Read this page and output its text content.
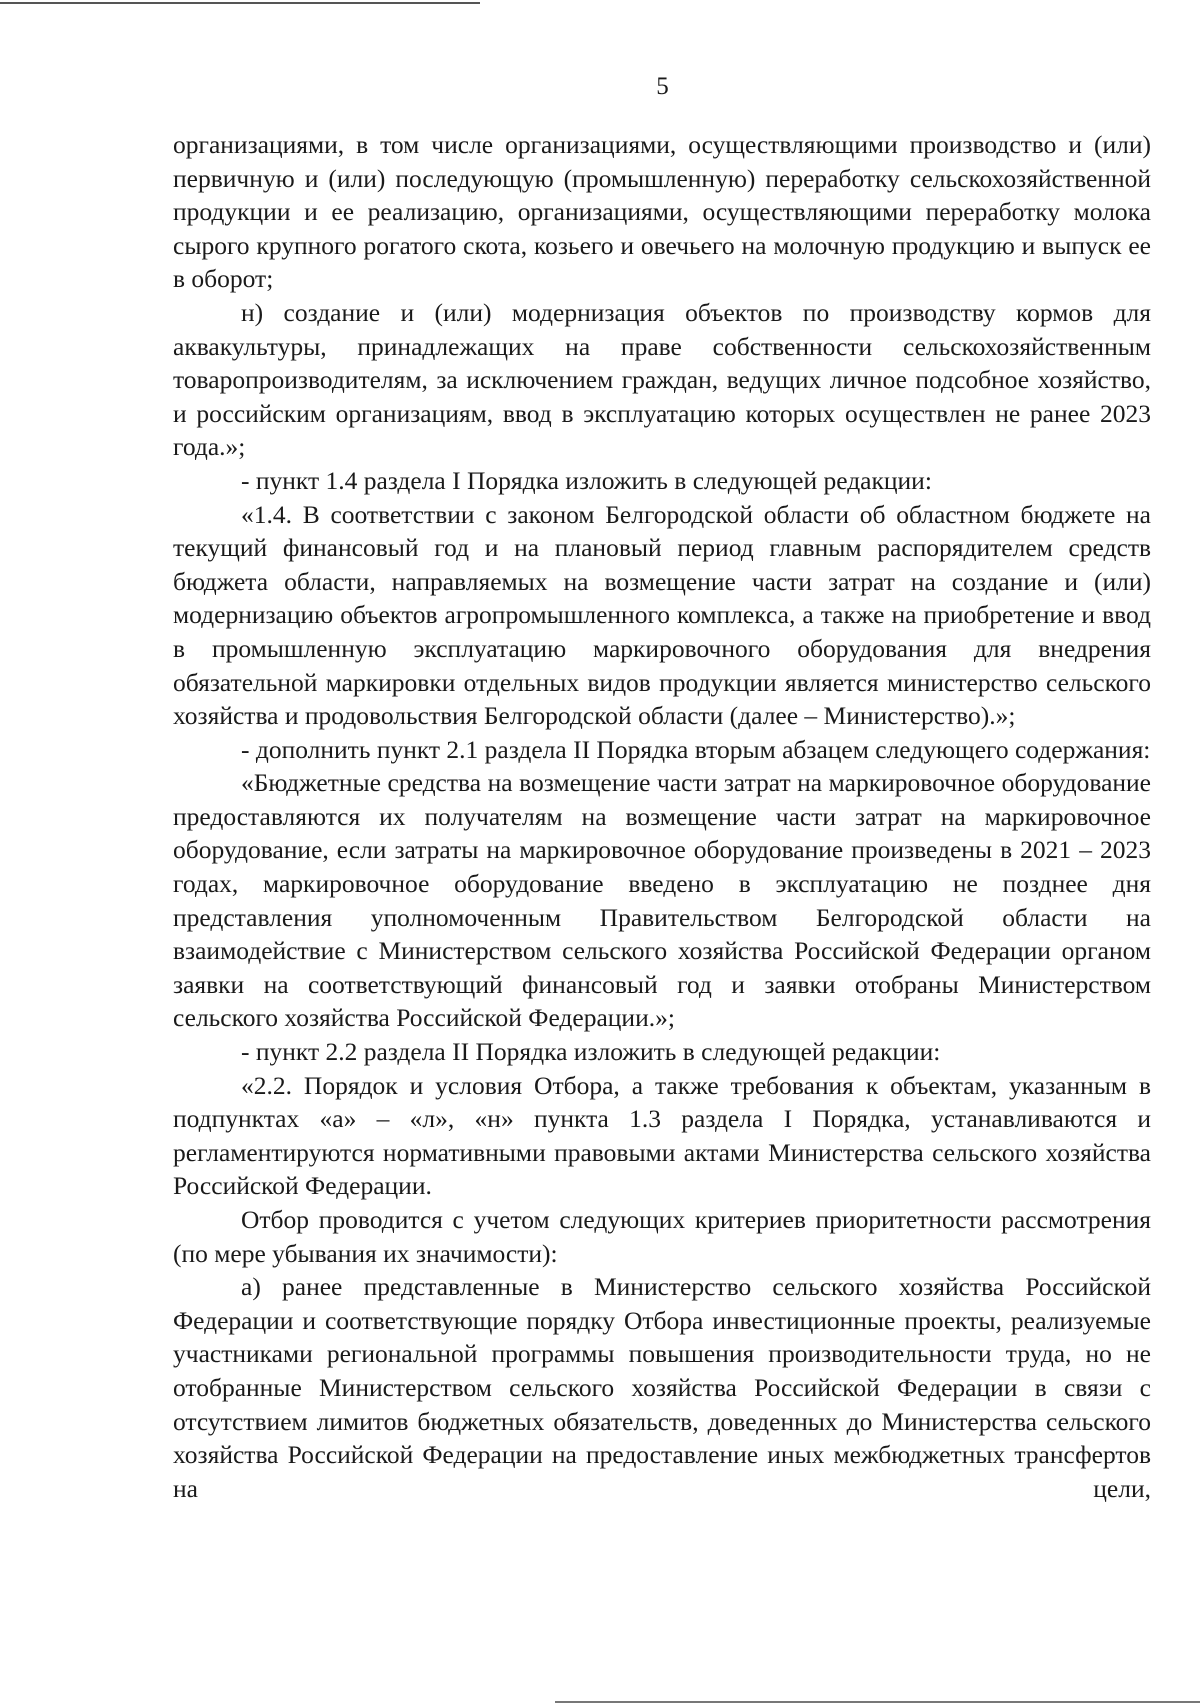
5

организациями, в том числе организациями, осуществляющими производство и (или) первичную и (или) последующую (промышленную) переработку сельскохозяйственной продукции и ее реализацию, организациями, осуществляющими переработку молока сырого крупного рогатого скота, козьего и овечьего на молочную продукцию и выпуск ее в оборот;

н) создание и (или) модернизация объектов по производству кормов для аквакультуры, принадлежащих на праве собственности сельскохозяйственным товаропроизводителям, за исключением граждан, ведущих личное подсобное хозяйство, и российским организациям, ввод в эксплуатацию которых осуществлен не ранее 2023 года.»;

- пункт 1.4 раздела I Порядка изложить в следующей редакции:

«1.4. В соответствии с законом Белгородской области об областном бюджете на текущий финансовый год и на плановый период главным распорядителем средств бюджета области, направляемых на возмещение части затрат на создание и (или) модернизацию объектов агропромышленного комплекса, а также на приобретение и ввод в промышленную эксплуатацию маркировочного оборудования для внедрения обязательной маркировки отдельных видов продукции является министерство сельского хозяйства и продовольствия Белгородской области (далее – Министерство).»;

- дополнить пункт 2.1 раздела II Порядка вторым абзацем следующего содержания:

«Бюджетные средства на возмещение части затрат на маркировочное оборудование предоставляются их получателям на возмещение части затрат на маркировочное оборудование, если затраты на маркировочное оборудование произведены в 2021 – 2023 годах, маркировочное оборудование введено в эксплуатацию не позднее дня представления уполномоченным Правительством Белгородской области на взаимодействие с Министерством сельского хозяйства Российской Федерации органом заявки на соответствующий финансовый год и заявки отобраны Министерством сельского хозяйства Российской Федерации.»;

- пункт 2.2 раздела II Порядка изложить в следующей редакции:

«2.2. Порядок и условия Отбора, а также требования к объектам, указанным в подпунктах «а» – «л», «н» пункта 1.3 раздела I Порядка, устанавливаются и регламентируются нормативными правовыми актами Министерства сельского хозяйства Российской Федерации.

Отбор проводится с учетом следующих критериев приоритетности рассмотрения (по мере убывания их значимости):

а) ранее представленные в Министерство сельского хозяйства Российской Федерации и соответствующие порядку Отбора инвестиционные проекты, реализуемые участниками региональной программы повышения производительности труда, но не отобранные Министерством сельского хозяйства Российской Федерации в связи с отсутствием лимитов бюджетных обязательств, доведенных до Министерства сельского хозяйства Российской Федерации на предоставление иных межбюджетных трансфертов на цели,
